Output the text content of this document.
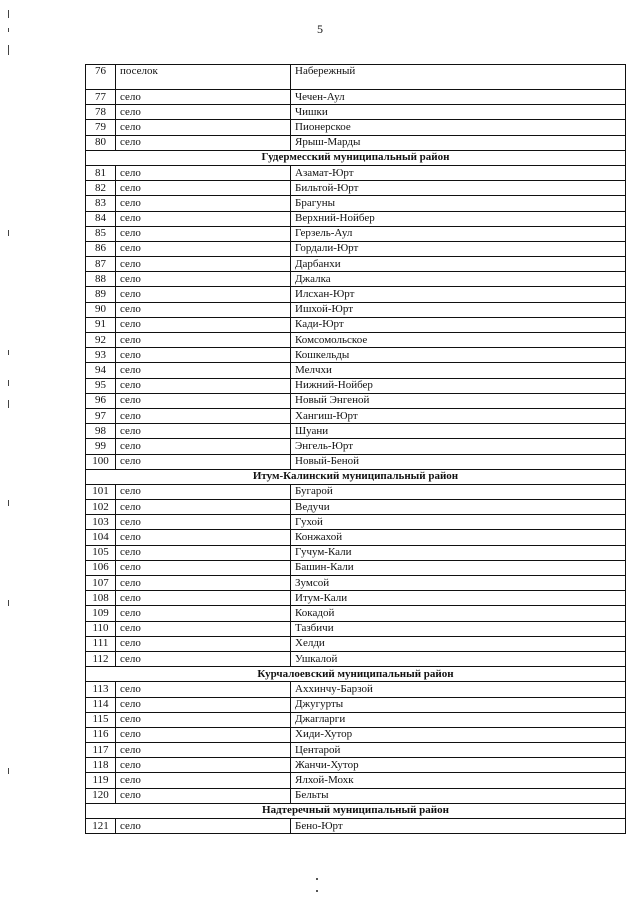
5
76	поселок	Набережный
77	село	Чечен-Аул
78	село	Чишки
79	село	Пионерское
80	село	Ярыш-Марды
Гудермесский муниципальный район		
81	село	Азамат-Юрт
82	село	Бильтой-Юрт
83	село	Брагуны
84	село	Верхний-Нойбер
85	село	Герзель-Аул
86	село	Гордали-Юрт
87	село	Дарбанхи
88	село	Джалка
89	село	Илсхан-Юрт
90	село	Ишхой-Юрт
91	село	Кади-Юрт
92	село	Комсомольское
93	село	Кошкельды
94	село	Мелчхи
95	село	Нижний-Нойбер
96	село	Новый Энгеной
97	село	Хангиш-Юрт
98	село	Шуани
99	село	Энгель-Юрт
100	село	Новый-Беной
Итум-Калинский муниципальный район		
101	село	Бугарой
102	село	Ведучи
103	село	Гухой
104	село	Конжахой
105	село	Гучум-Кали
106	село	Башин-Кали
107	село	Зумсой
108	село	Итум-Кали
109	село	Кокадой
110	село	Тазбичи
111	село	Хелди
112	село	Ушкалой
Курчалоевский муниципальный район		
113	село	Аххинчу-Барзой
114	село	Джугурты
115	село	Джагларги
116	село	Хиди-Хутор
117	село	Центарой
118	село	Жанчи-Хутор
119	село	Ялхой-Мохк
120	село	Бельты
Надтеречный муниципальный район		
121	село	Бено-Юрт
